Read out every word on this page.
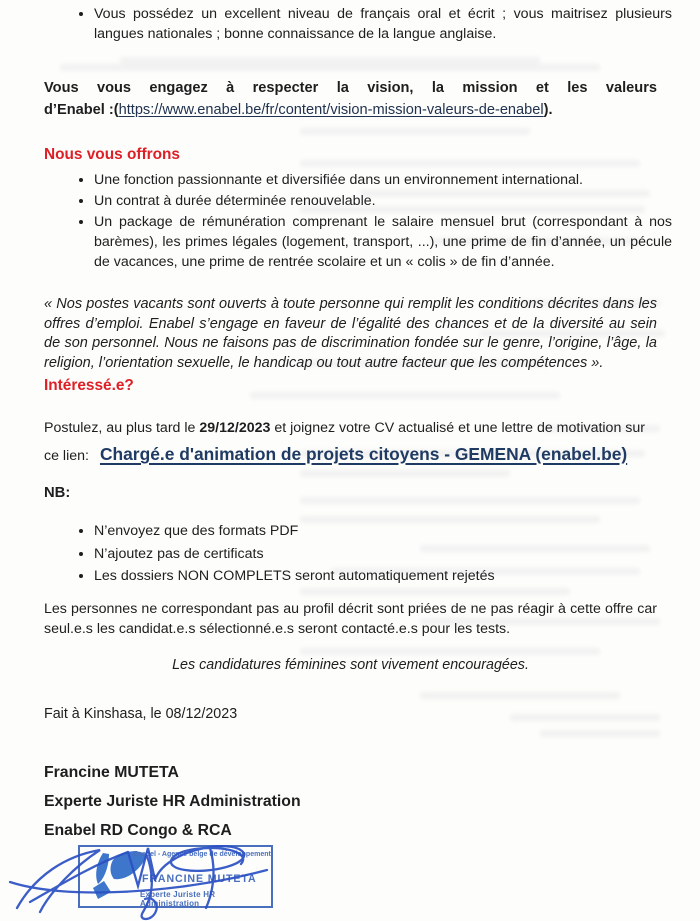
• Vous possédez un excellent niveau de français oral et écrit ; vous maitrisez plusieurs langues nationales ; bonne connaissance de la langue anglaise.
Vous vous engagez à respecter la vision, la mission et les valeurs
d’Enabel :(https://www.enabel.be/fr/content/vision-mission-valeurs-de-enabel).
Nous vous offrons
• Une fonction passionnante et diversifiée dans un environnement international.
• Un contrat à durée déterminée renouvelable.
• Un package de rémunération comprenant le salaire mensuel brut (correspondant à nos barèmes), les primes légales (logement, transport, ...), une prime de fin d’année, un pécule de vacances, une prime de rentrée scolaire et un « colis » de fin d’année.
« Nos postes vacants sont ouverts à toute personne qui remplit les conditions décrites dans les offres d’emploi. Enabel s’engage en faveur de l’égalité des chances et de la diversité au sein de son personnel. Nous ne faisons pas de discrimination fondée sur le genre, l’origine, l’âge, la religion, l’orientation sexuelle, le handicap ou tout autre facteur que les compétences ».
Intéressé.e?
Postulez, au plus tard le 29/12/2023 et joignez votre CV actualisé et une lettre de motivation sur
ce lien: Chargé.e d'animation de projets citoyens - GEMENA (enabel.be)
NB:
• N’envoyez que des formats PDF
• N’ajoutez pas de certificats
• Les dossiers NON COMPLETS seront automatiquement rejetés
Les personnes ne correspondant pas au profil décrit sont priées de ne pas réagir à cette offre car seul.e.s les candidat.e.s sélectionné.e.s seront contacté.e.s pour les tests.
Les candidatures féminines sont vivement encouragées.
Fait à Kinshasa, le 08/12/2023
Francine MUTETA
Experte Juriste HR Administration
Enabel RD Congo & RCA
Enabel - Agence belge de développement
FRANCINE MUTETA
Experte Juriste HR Administration
